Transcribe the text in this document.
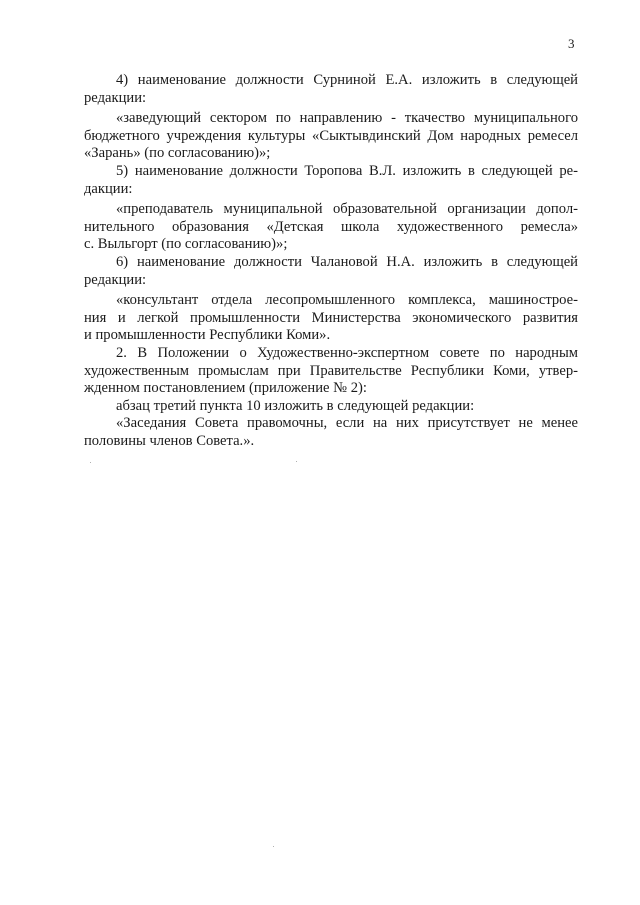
3
4) наименование должности Сурниной Е.А. изложить в следующей
редакции:
«заведующий сектором по направлению - ткачество муниципального
бюджетного учреждения культуры «Сыктывдинский Дом народных ремесел
«Зарань» (по согласованию)»;
5) наименование должности Торопова В.Л. изложить в следующей ре-
дакции:
«преподаватель муниципальной образовательной организации допол-
нительного образования «Детская школа художественного ремесла»
с. Выльгорт (по согласованию)»;
6) наименование должности Чалановой Н.А. изложить в следующей
редакции:
«консультант отдела лесопромышленного комплекса, машинострое-
ния и легкой промышленности Министерства экономического развития
и промышленности Республики Коми».
2. В Положении о Художественно-экспертном совете по народным
художественным промыслам при Правительстве Республики Коми, утвер-
жденном постановлением (приложение № 2):
абзац третий пункта 10 изложить в следующей редакции:
«Заседания Совета правомочны, если на них присутствует не менее
половины членов Совета.».
